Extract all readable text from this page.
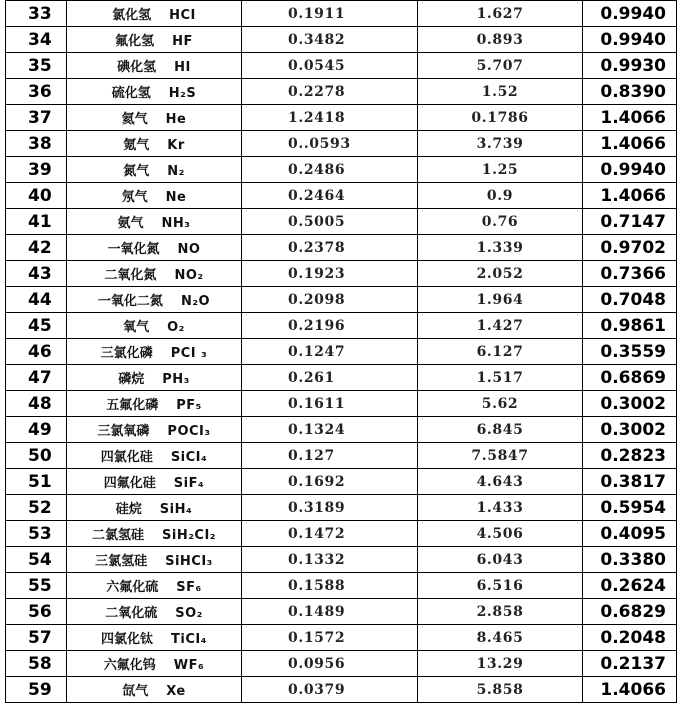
33	氯化氢 HCI	0.1911	1.627	0.9940
34	氟化氢 HF	0.3482	0.893	0.9940
35	碘化氢 HI	0.0545	5.707	0.9930
36	硫化氢 H₂S	0.2278	1.52	0.8390
37	氦气 He	1.2418	0.1786	1.4066
38	氪气 Kr	0..0593	3.739	1.4066
39	氮气 N₂	0.2486	1.25	0.9940
40	氖气 Ne	0.2464	0.9	1.4066
41	氨气 NH₃	0.5005	0.76	0.7147
42	一氧化氮 NO	0.2378	1.339	0.9702
43	二氧化氮 NO₂	0.1923	2.052	0.7366
44	一氧化二氮 N₂O	0.2098	1.964	0.7048
45	氧气 O₂	0.2196	1.427	0.9861
46	三氯化磷 PCI ₃	0.1247	6.127	0.3559
47	磷烷 PH₃	0.261	1.517	0.6869
48	五氟化磷 PF₅	0.1611	5.62	0.3002
49	三氯氧磷 POCI₃	0.1324	6.845	0.3002
50	四氯化硅 SiCI₄	0.127	7.5847	0.2823
51	四氟化硅 SiF₄	0.1692	4.643	0.3817
52	硅烷 SiH₄	0.3189	1.433	0.5954
53	二氯氢硅 SiH₂CI₂	0.1472	4.506	0.4095
54	三氯氢硅 SiHCI₃	0.1332	6.043	0.3380
55	六氟化硫 SF₆	0.1588	6.516	0.2624
56	二氧化硫 SO₂	0.1489	2.858	0.6829
57	四氯化钛 TiCI₄	0.1572	8.465	0.2048
58	六氟化钨 WF₆	0.0956	13.29	0.2137
59	氙气 Xe	0.0379	5.858	1.4066
